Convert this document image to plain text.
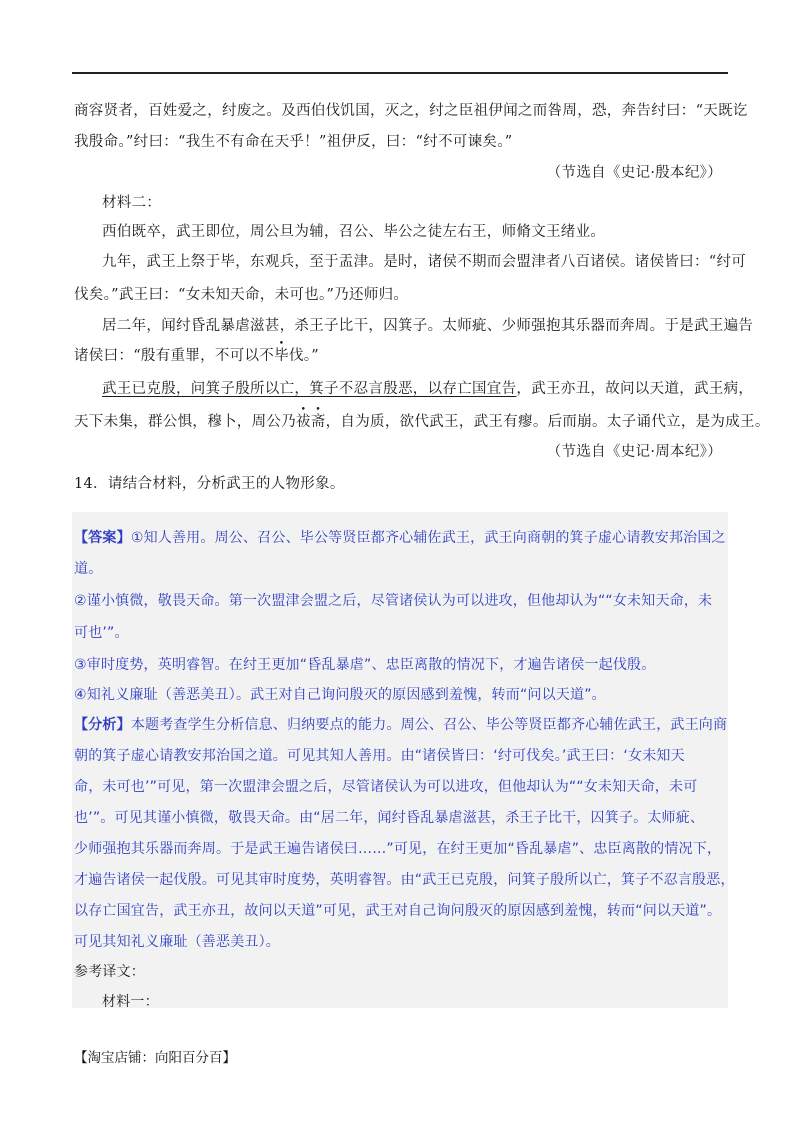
商容贤者，百姓爱之，纣废之。及西伯伐饥国，灭之，纣之臣祖伊闻之而咎周，恐，奔告纣曰：“天既讫
我殷命。”纣曰：“我生不有命在天乎！”祖伊反，曰：“纣不可谏矣。”
（节选自《史记·殷本纪》）
材料二：
西伯既卒，武王即位，周公旦为辅，召公、毕公之徒左右王，师脩文王绪业。
九年，武王上祭于毕，东观兵，至于盂津。是时，诸侯不期而会盟津者八百诸侯。诸侯皆曰：“纣可
伐矣。”武王曰：“女未知天命，未可也。”乃还师归。
居二年，闻纣昏乱暴虐滋甚，杀王子比干，囚箕子。太师疵、少师强抱其乐器而奔周。于是武王遍告
诸侯曰：“殷有重罪，不可以不毕伐。”
武王已克殷，问箕子殷所以亡，箕子不忍言殷恶，以存亡国宜告，武王亦丑，故问以天道，武王病，
天下未集，群公惧，穆卜，周公乃祓斋，自为质，欲代武王，武王有瘳。后而崩。太子诵代立，是为成王。
（节选自《史记·周本纪》）
14．请结合材料，分析武王的人物形象。
【答案】①知人善用。周公、召公、毕公等贤臣都齐心辅佐武王，武王向商朝的箕子虚心请教安邦治国之
道。
②谨小慎微，敬畏天命。第一次盟津会盟之后，尽管诸侯认为可以进攻，但他却认为““女未知天命，未
可也’”。
③审时度势，英明睿智。在纣王更加“昏乱暴虐”、忠臣离散的情况下，才遍告诸侯一起伐殷。
④知礼义廉耻（善恶美丑）。武王对自己询问殷灭的原因感到羞愧，转而“问以天道”。
【分析】本题考查学生分析信息、归纳要点的能力。周公、召公、毕公等贤臣都齐心辅佐武王，武王向商
朝的箕子虚心请教安邦治国之道。可见其知人善用。由“诸侯皆曰：‘纣可伐矣。’武王曰：‘女未知天
命，未可也’”可见，第一次盟津会盟之后，尽管诸侯认为可以进攻，但他却认为““女未知天命，未可
也’”。可见其谨小慎微，敬畏天命。由“居二年，闻纣昏乱暴虐滋甚，杀王子比干，囚箕子。太师疵、
少师强抱其乐器而奔周。于是武王遍告诸侯曰……”可见，在纣王更加“昏乱暴虐”、忠臣离散的情况下，
才遍告诸侯一起伐殷。可见其审时度势，英明睿智。由“武王已克殷，问箕子殷所以亡，箕子不忍言殷恶，
以存亡国宜告，武王亦丑，故问以天道”可见，武王对自己询问殷灭的原因感到羞愧，转而“问以天道”。
可见其知礼义廉耻（善恶美丑）。
参考译文：
材料一：
【淘宝店铺：向阳百分百】
